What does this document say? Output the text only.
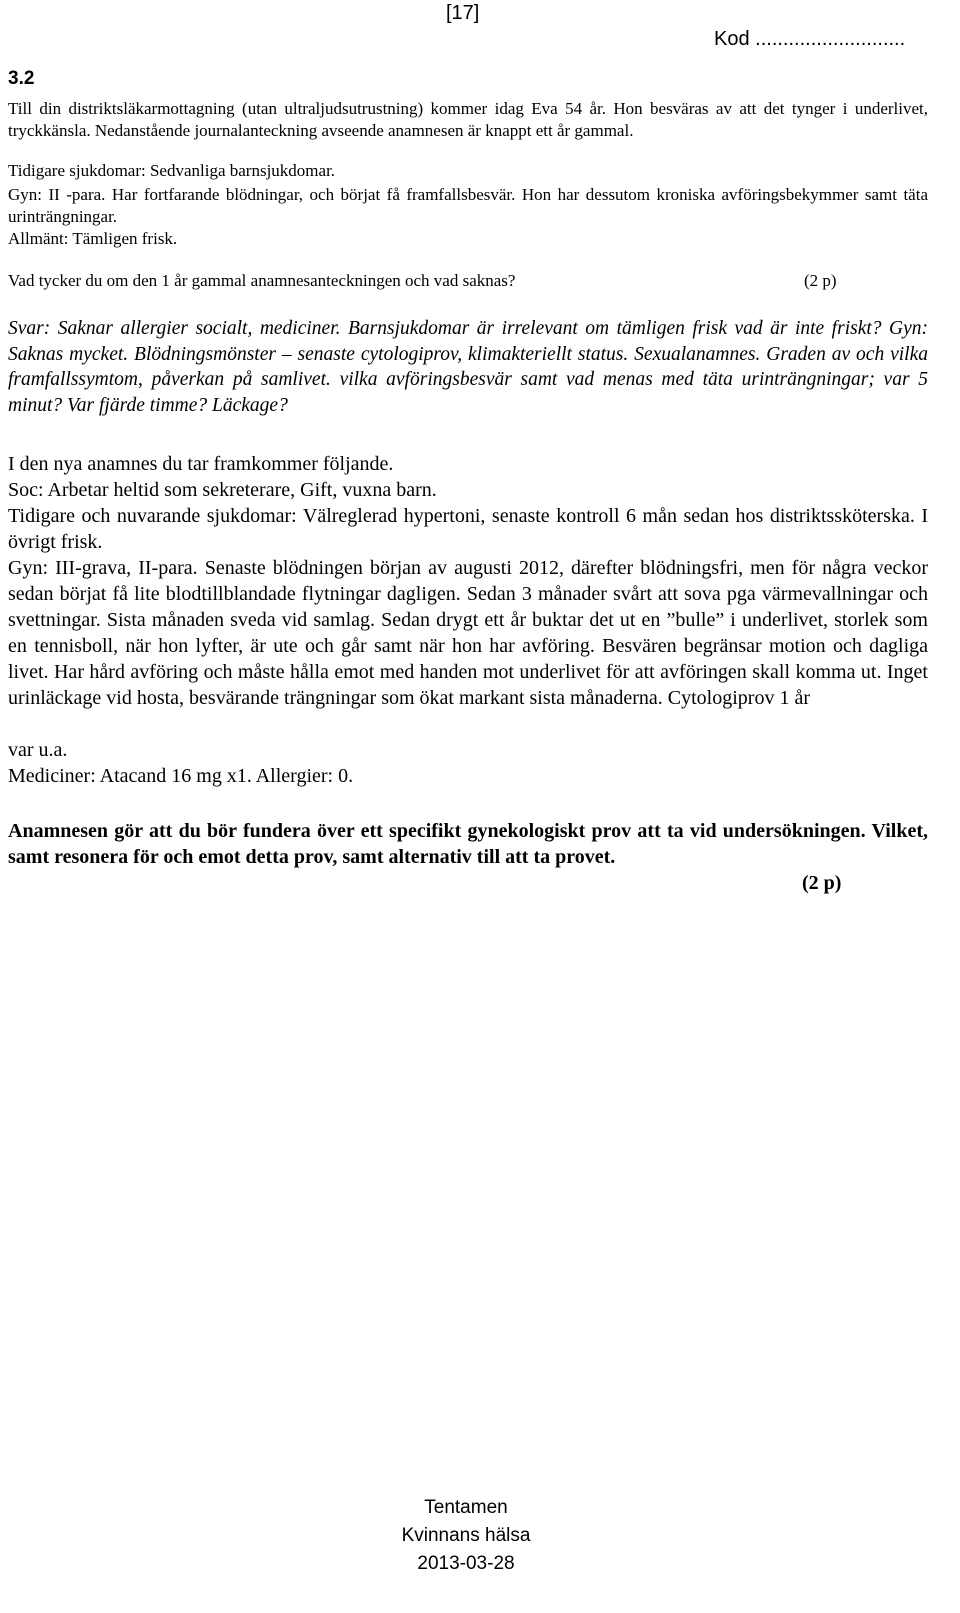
[17]
Kod ...........................
3.2

Till din distriktsläkarmottagning (utan ultraljudsutrustning) kommer idag Eva 54 år. Hon besväras av att det tynger i underlivet, tryckkänsla. Nedanstående journalanteckning avseende anamnesen är knappt ett år gammal.

Tidigare sjukdomar: Sedvanliga barnsjukdomar.

Gyn: II -para. Har fortfarande blödningar, och börjat få framfallsbesvär. Hon har dessutom kroniska avföringsbekymmer samt täta urinträngningar.

Allmänt: Tämligen frisk.

Vad tycker du om den 1 år gammal anamnesanteckningen och vad saknas?	(2 p)

Svar: Saknar allergier socialt, mediciner. Barnsjukdomar är irrelevant om tämligen frisk vad är inte friskt? Gyn: Saknas mycket. Blödningsmönster – senaste cytologiprov, klimakteriellt status. Sexualanamnes. Graden av och vilka framfallssymtom, påverkan på samlivet. vilka avföringsbesvär samt vad menas med täta urinträngningar; var 5 minut? Var fjärde timme? Läckage?

I den nya anamnes du tar framkommer följande.

Soc: Arbetar heltid som sekreterare, Gift, vuxna barn.

Tidigare och nuvarande sjukdomar: Välreglerad hypertoni, senaste kontroll 6 mån sedan hos distriktssköterska. I övrigt frisk.

Gyn: III-grava, II-para. Senaste blödningen början av augusti 2012, därefter blödningsfri, men för några veckor sedan börjat få lite blodtillblandade flytningar dagligen. Sedan 3 månader svårt att sova pga värmevallningar och svettningar. Sista månaden sveda vid samlag. Sedan drygt ett år buktar det ut en ”bulle” i underlivet, storlek som en tennisboll, när hon lyfter, är ute och går samt när hon har avföring. Besvären begränsar motion och dagliga livet. Har hård avföring och måste hålla emot med handen mot underlivet för att avföringen skall komma ut. Inget urinläckage vid hosta, besvärande trängningar som ökat markant sista månaderna. Cytologiprov 1 år

var u.a.

Mediciner: Atacand 16 mg x1. Allergier: 0.

Anamnesen gör att du bör fundera över ett specifikt gynekologiskt prov att ta vid undersökningen. Vilket, samt resonera för och emot detta prov, samt alternativ till att ta provet.

(2 p)

Tentamen
Kvinnans hälsa
2013-03-28
